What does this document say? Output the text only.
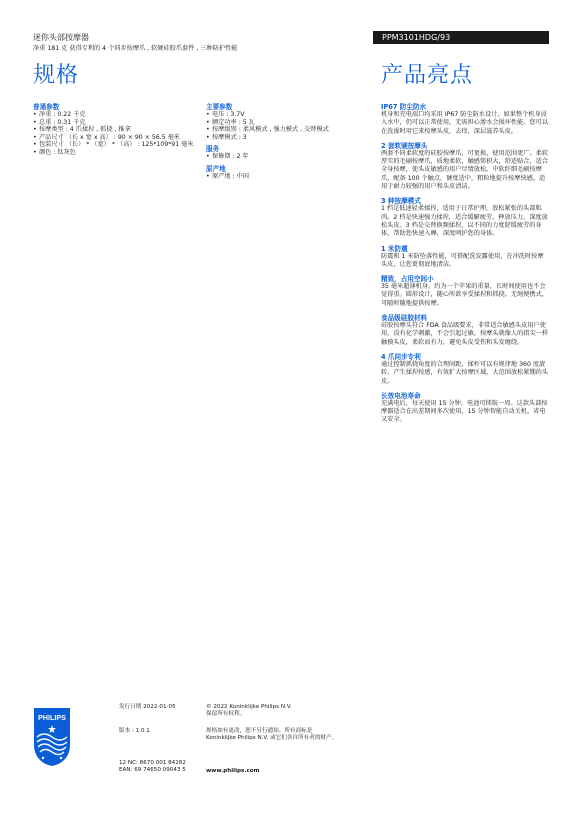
迷你头部按摩器
净重 181 克 获得专利的 4 个同步按摩爪 , 软硬硅胶爪套件 , 三种防护性能
PPM3101HDG/93
规格	产品亮点
普通参数
• 净重 : 0.22 千克
• 总重 : 0.31 千克
• 按摩类型 : 4 爪揉捏 , 抓挠 , 推拿
• 产品尺寸 （长 x 宽 x 高） : 90 × 90 × 56.5 毫米
• 包装尺寸 （长） * （宽） * （高） : 125*109*91 毫米
• 颜色 : 钛灰色
主要参数
• 电压 : 3.7V
• 额定功率 : 5 瓦
• 按摩级别 : 柔风模式 , 强力模式 , 交替模式
• 按摩模式 : 3
服务
• 保修期 : 2 年
原产地
• 原产地 : 中国
IP67 防尘防水

机身和充电端口均采用 IP67 防尘防水设计。如果整个机身浸入水中，仍可以正常使用，无需担心渗水会损坏性能。您可以在洗澡时用它来按摩头皮，去痒，深层滋养头皮。

2 套软硬按摩头

两套不同柔软度的硅胶按摩爪，可更换，使用范围更广。柔软厚实的毛刷按摩爪，质地柔软，触感简积大，舒适贴合，适合全身按摩，使头皮敏感的用户尽情放松。中软纤细毛刷按摩爪，配备 100 个触点，硬度适中，粗粒地提升按摩快感。适用于耐力较强的用户和头皮清洁。

3 种按摩模式

1 档是低速轻柔揉捏，适用于日常护理，放松紧张的头部肌肉。2 档是快速强力揉捏，适合缓解疲劳，释放压力，深度放松头皮。3 档是交替换频揉捏，以不同的力度舒缓疲劳的身体，帮助您快速入睡，深度呵护您的身体。

1 米防震

防震和 1 米防坠落性能，可搭配洗发露使用，在冲洗时按摩头皮，让您更彻底地清洁。

精致，占用空间小

35 毫米超薄机身，约为一个苹果的重量，长时间使用也不会觉得重。圆形设计，随心所欲享受揉捏和抓挠。无绳便携式，可随时随地提供按摩。

食品级硅胶材料

硅胶按摩头符合 FDA 食品级要求，非常适合敏感头皮用户使用，没有化学刺激，不会引起过敏。按摩头就像人的指尖一样触摸头皮，柔软而有力，避免头皮受伤和头发缠绕。

4 爪同步专利

通过控制抓挠角度的合理间距，揉杆可以有规律地 360 度旋转，产生揉捏按感，有效扩大按摩区域，大范围放松紧绷的头皮。

长效电池寿命

充满电后，每天使用 15 分钟，电池可续航一周。这款头部按摩器适合在出差期间多次使用，15 分钟智能自动关机，省电又安全。

PHILIPS
发行日期 2022-01-05
版本 : 1.0.1
12 NC: 8670 001 84282
EAN: 69 74650 09043 5
© 2022 Koninklijke Philips N.V.
保留所有权利。
规格如有更改，恕不另行通知。所有商标是
Koninklijke Philips N.V. 或它们各自所有者的财产。
www.philips.com
